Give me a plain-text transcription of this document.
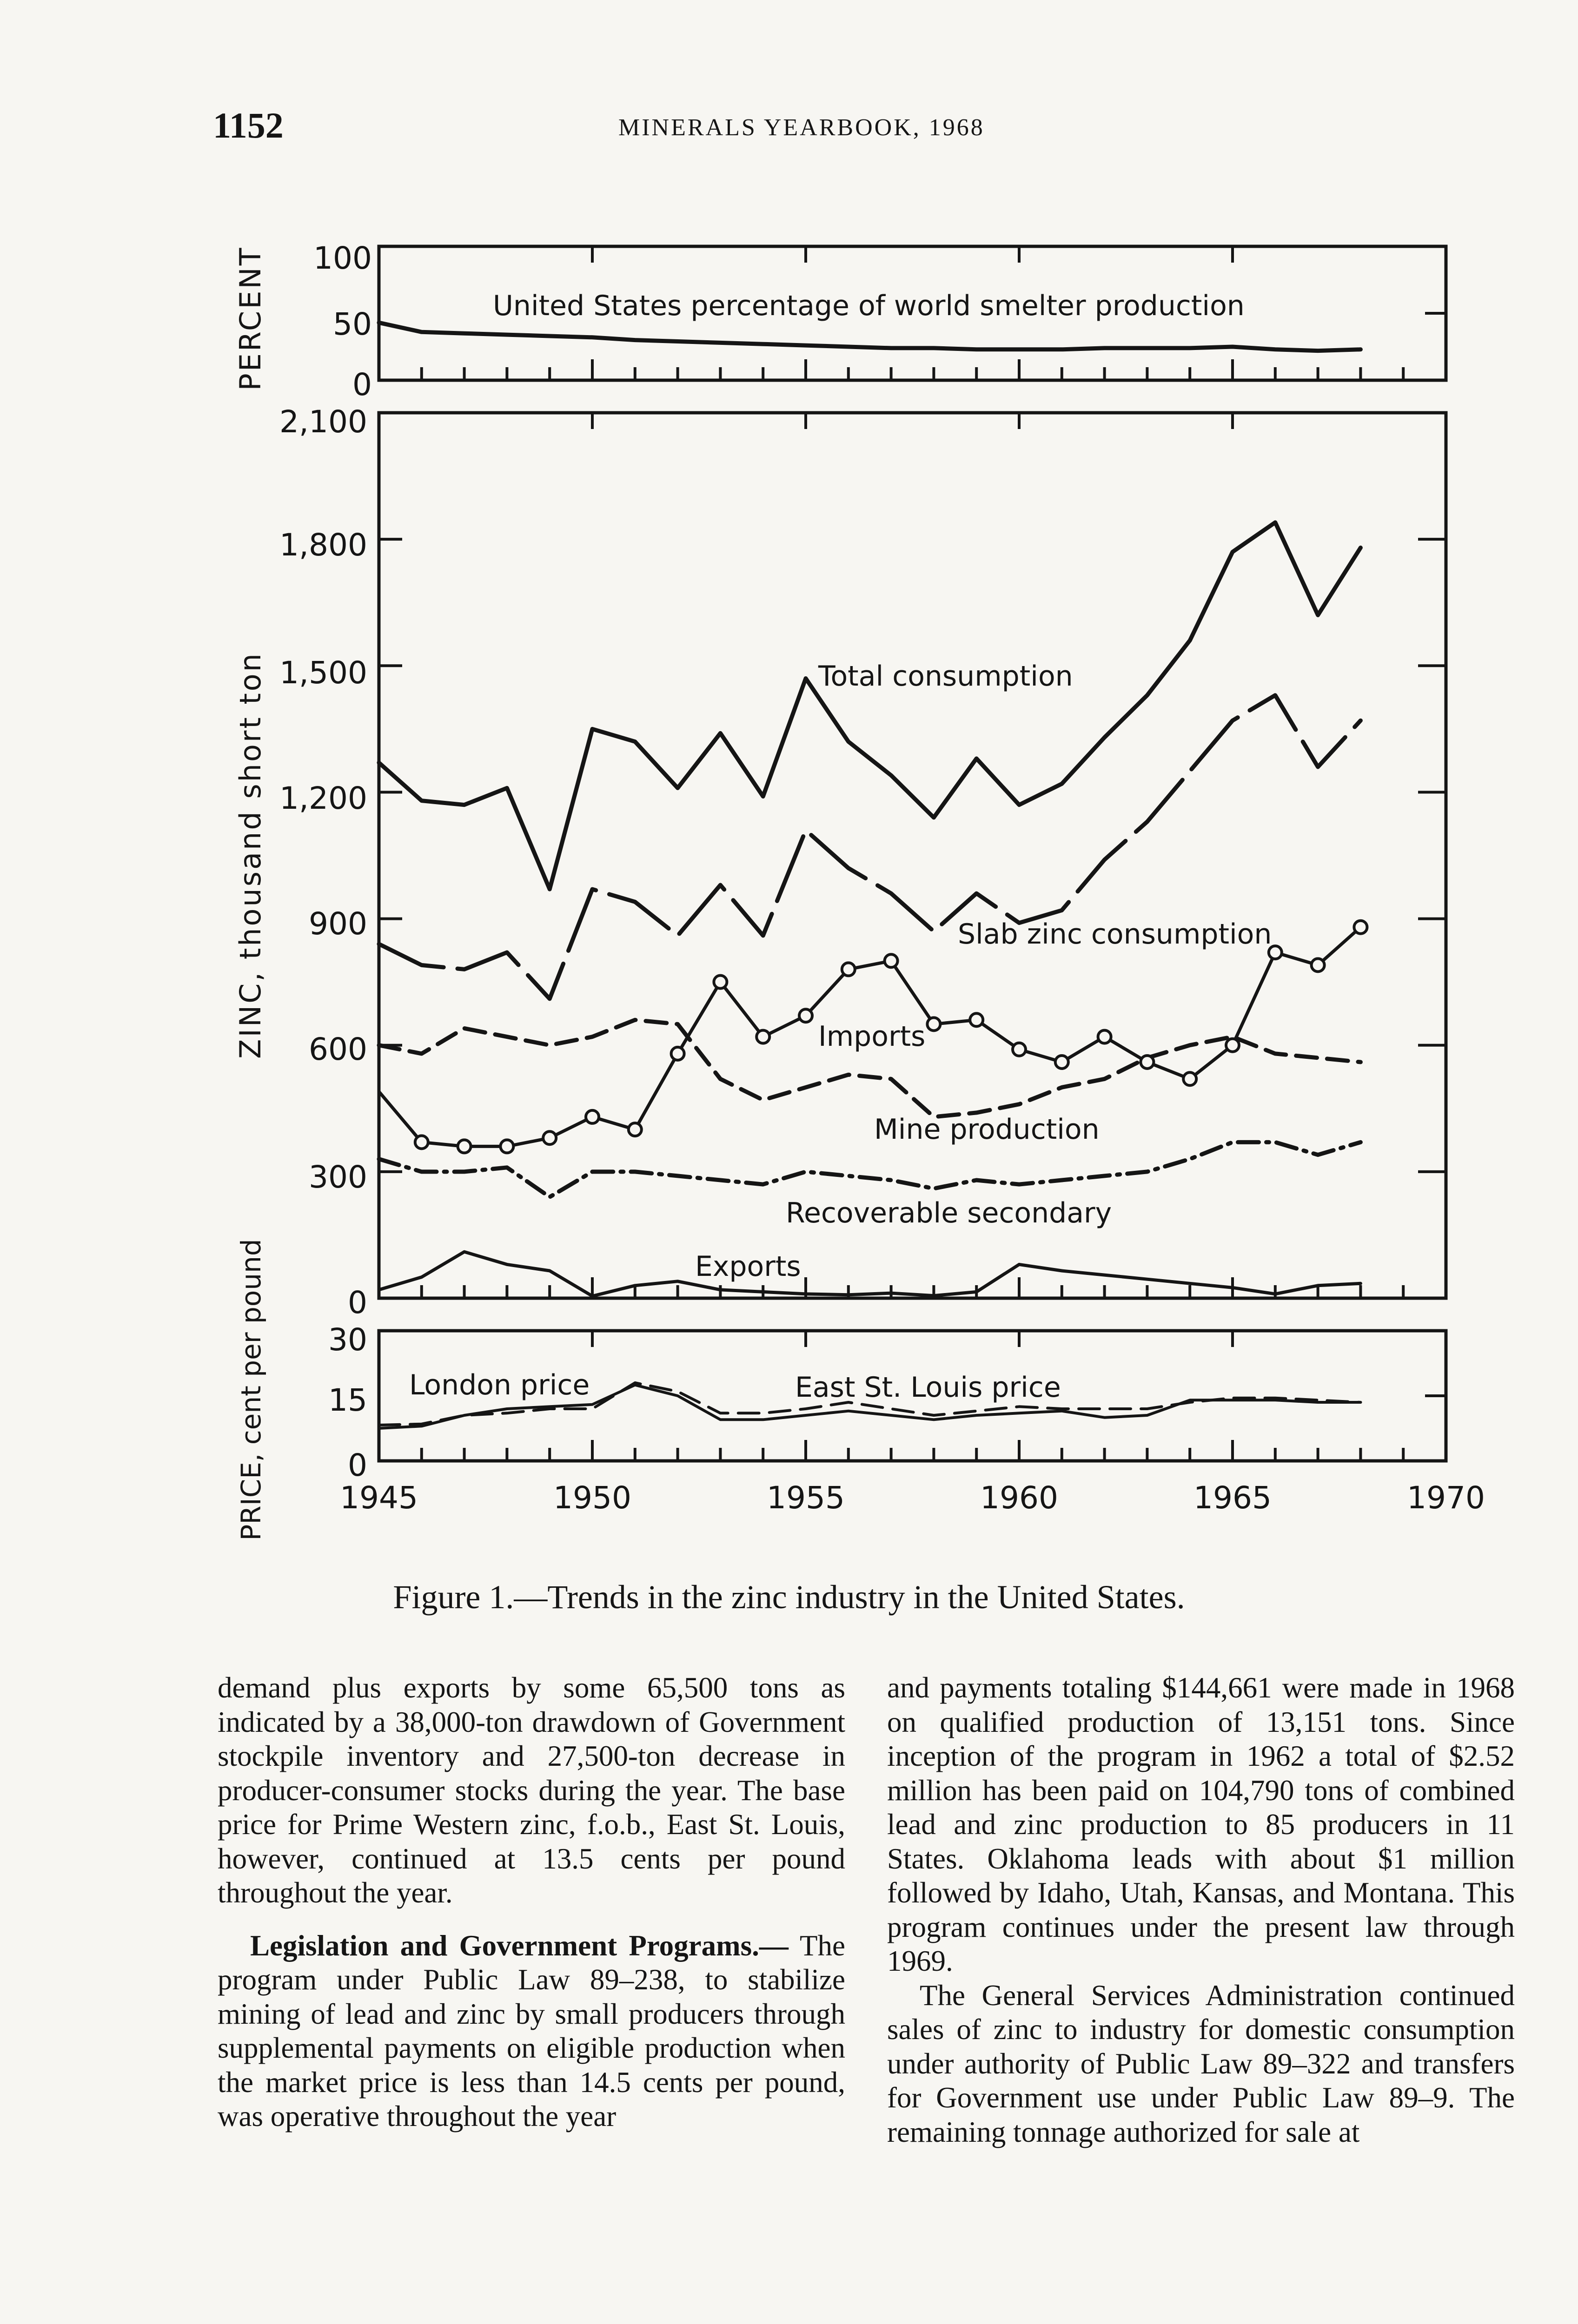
1152	MINERALS YEARBOOK, 1968
100
50
0
2,100
1,800
1,500
1,200
900
600
300
0
30
15
0
1945	1950	1955	1960	1965	1970
PERCENT
ZINC, thousand short ton
PRICE, cent per pound
United States percentage of world smelter production
Total consumption
Slab zinc consumption
Imports
Mine production
Recoverable secondary
Exports
London price	East St. Louis price
Figure 1.—Trends in the zinc industry in the United States.

demand plus exports by some 65,500 tons as indicated by a 38,000-ton drawdown of Government stockpile inventory and 27,500-ton decrease in producer-consumer stocks during the year. The base price for Prime Western zinc, f.o.b., East St. Louis, however, continued at 13.5 cents per pound throughout the year.

Legislation and Government Programs.— The program under Public Law 89–238, to stabilize mining of lead and zinc by small producers through supplemental payments on eligible production when the market price is less than 14.5 cents per pound, was operative throughout the year

and payments totaling $144,661 were made in 1968 on qualified production of 13,151 tons. Since inception of the program in 1962 a total of $2.52 million has been paid on 104,790 tons of combined lead and zinc production to 85 producers in 11 States. Oklahoma leads with about $1 million followed by Idaho, Utah, Kansas, and Montana. This program continues under the present law through 1969.

The General Services Administration continued sales of zinc to industry for domestic consumption under authority of Public Law 89–322 and transfers for Government use under Public Law 89–9. The remaining tonnage authorized for sale at
